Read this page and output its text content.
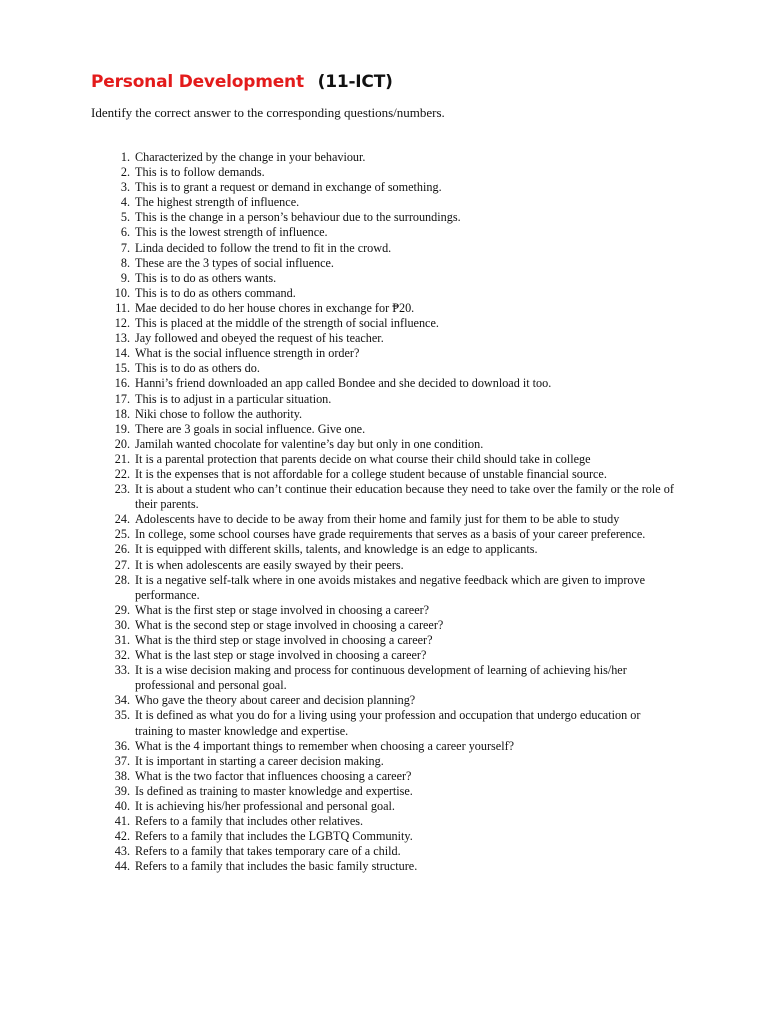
Personal Development (11-ICT)
Identify the correct answer to the corresponding questions/numbers.
1. Characterized by the change in your behaviour.
2. This is to follow demands.
3. This is to grant a request or demand in exchange of something.
4. The highest strength of influence.
5. This is the change in a person’s behaviour due to the surroundings.
6. This is the lowest strength of influence.
7. Linda decided to follow the trend to fit in the crowd.
8. These are the 3 types of social influence.
9. This is to do as others wants.
10. This is to do as others command.
11. Mae decided to do her house chores in exchange for ₱20.
12. This is placed at the middle of the strength of social influence.
13. Jay followed and obeyed the request of his teacher.
14. What is the social influence strength in order?
15. This is to do as others do.
16. Hanni’s friend downloaded an app called Bondee and she decided to download it too.
17. This is to adjust in a particular situation.
18. Niki chose to follow the authority.
19. There are 3 goals in social influence. Give one.
20. Jamilah wanted chocolate for valentine’s day but only in one condition.
21. It is a parental protection that parents decide on what course their child should take in college
22. It is the expenses that is not affordable for a college student because of unstable financial source.
23. It is about a student who can’t continue their education because they need to take over the family or the role of their parents.
24. Adolescents have to decide to be away from their home and family just for them to be able to study
25. In college, some school courses have grade requirements that serves as a basis of your career preference.
26. It is equipped with different skills, talents, and knowledge is an edge to applicants.
27. It is when adolescents are easily swayed by their peers.
28. It is a negative self-talk where in one avoids mistakes and negative feedback which are given to improve performance.
29. What is the first step or stage involved in choosing a career?
30. What is the second step or stage involved in choosing a career?
31. What is the third step or stage involved in choosing a career?
32. What is the last step or stage involved in choosing a career?
33. It is a wise decision making and process for continuous development of learning of achieving his/her professional and personal goal.
34. Who gave the theory about career and decision planning?
35. It is defined as what you do for a living using your profession and occupation that undergo education or training to master knowledge and expertise.
36. What is the 4 important things to remember when choosing a career yourself?
37. It is important in starting a career decision making.
38. What is the two factor that influences choosing a career?
39. Is defined as training to master knowledge and expertise.
40. It is achieving his/her professional and personal goal.
41. Refers to a family that includes other relatives.
42. Refers to a family that includes the LGBTQ Community.
43. Refers to a family that takes temporary care of a child.
44. Refers to a family that includes the basic family structure.
